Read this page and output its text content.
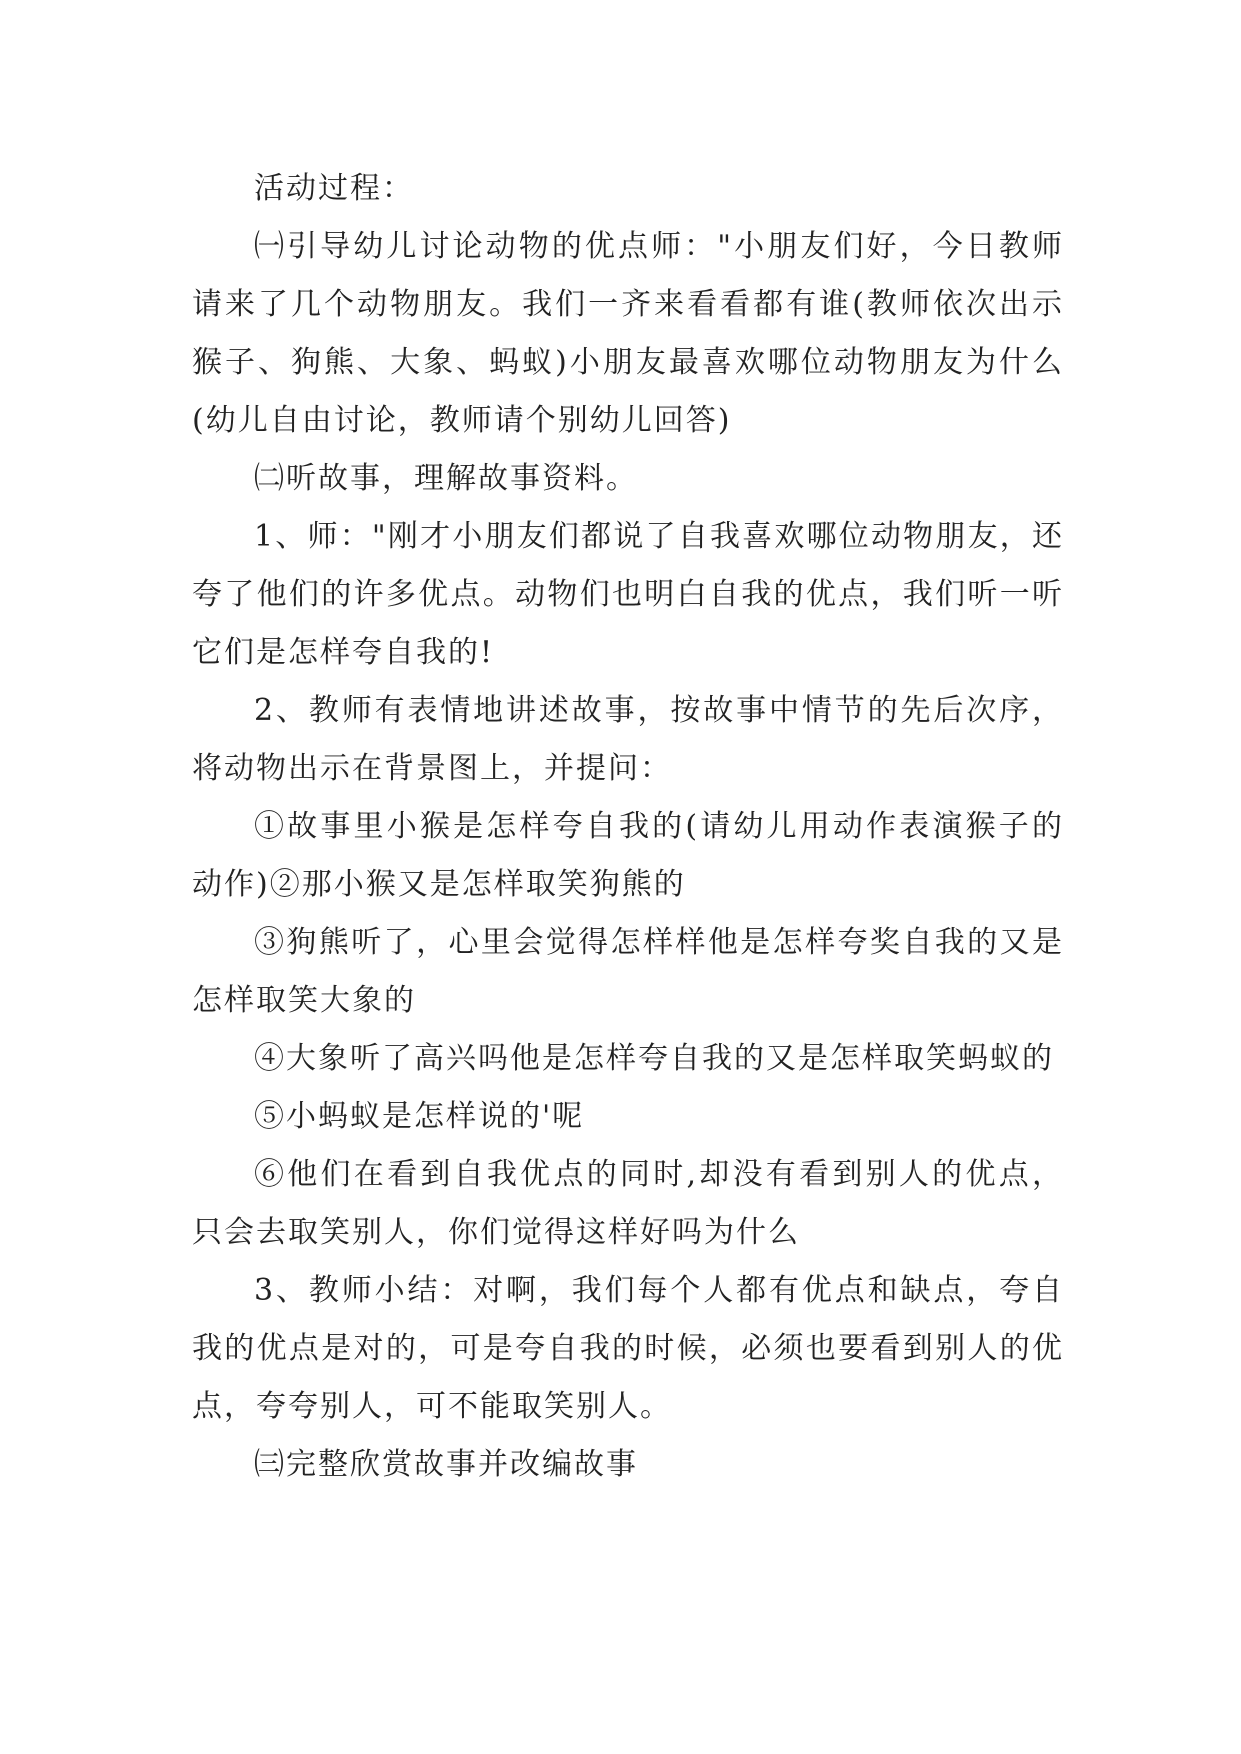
活动过程：

㈠引导幼儿讨论动物的优点师："小朋友们好，今日教师请来了几个动物朋友。我们一齐来看看都有谁(教师依次出示猴子、狗熊、大象、蚂蚁)小朋友最喜欢哪位动物朋友为什么(幼儿自由讨论，教师请个别幼儿回答)

㈡听故事，理解故事资料。

1、师："刚才小朋友们都说了自我喜欢哪位动物朋友，还夸了他们的许多优点。动物们也明白自我的优点，我们听一听它们是怎样夸自我的!

2、教师有表情地讲述故事，按故事中情节的先后次序，将动物出示在背景图上，并提问：

①故事里小猴是怎样夸自我的(请幼儿用动作表演猴子的动作)②那小猴又是怎样取笑狗熊的

③狗熊听了，心里会觉得怎样样他是怎样夸奖自我的又是怎样取笑大象的

④大象听了高兴吗他是怎样夸自我的又是怎样取笑蚂蚁的

⑤小蚂蚁是怎样说的'呢

⑥他们在看到自我优点的同时,却没有看到别人的优点，只会去取笑别人，你们觉得这样好吗为什么

3、教师小结：对啊，我们每个人都有优点和缺点，夸自我的优点是对的，可是夸自我的时候，必须也要看到别人的优点，夸夸别人，可不能取笑别人。

㈢完整欣赏故事并改编故事
